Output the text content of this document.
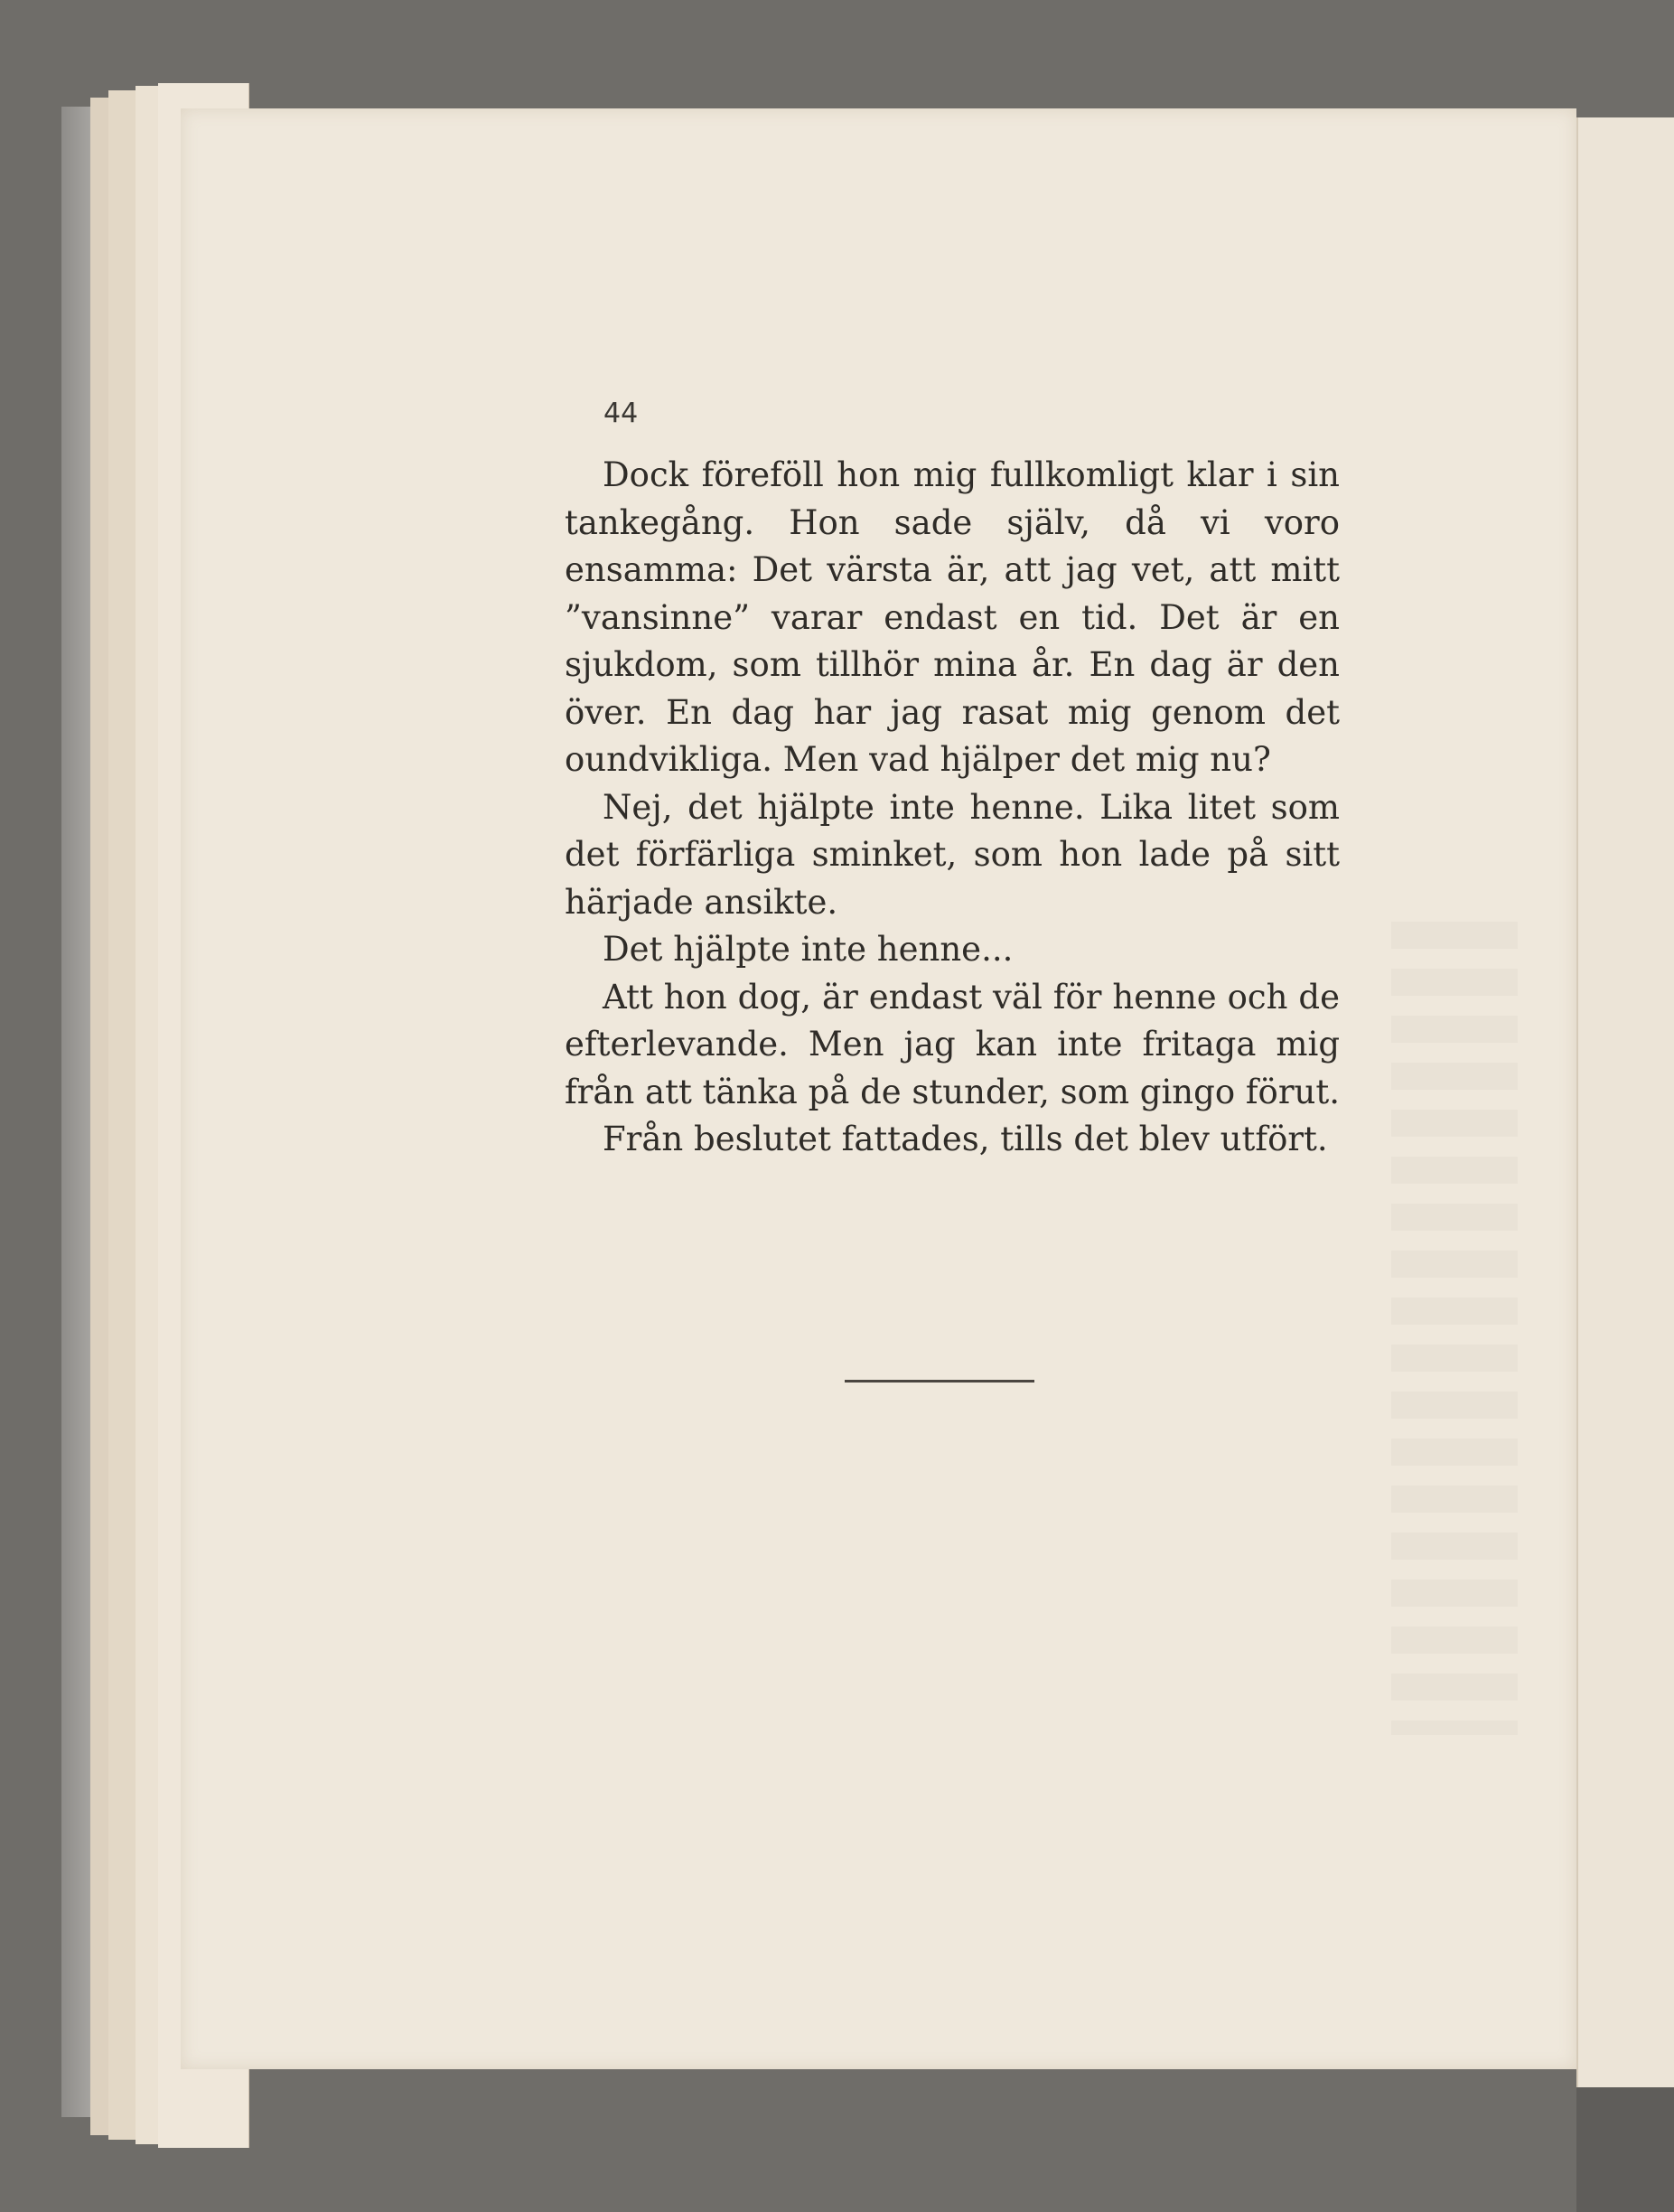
44

Dock föreföll hon mig fullkomligt klar i sin tankegång. Hon sade själv, då vi voro ensamma: Det värsta är, att jag vet, att mitt ”vansinne” varar endast en tid. Det är en sjukdom, som tillhör mina år. En dag är den över. En dag har jag rasat mig genom det oundvikliga. Men vad hjälper det mig nu?

Nej, det hjälpte inte henne. Lika litet som det förfärliga sminket, som hon lade på sitt härjade ansikte.

Det hjälpte inte henne...

Att hon dog, är endast väl för henne och de efterlevande. Men jag kan inte fritaga mig från att tänka på de stunder, som gingo förut.

Från beslutet fattades, tills det blev utfört.
